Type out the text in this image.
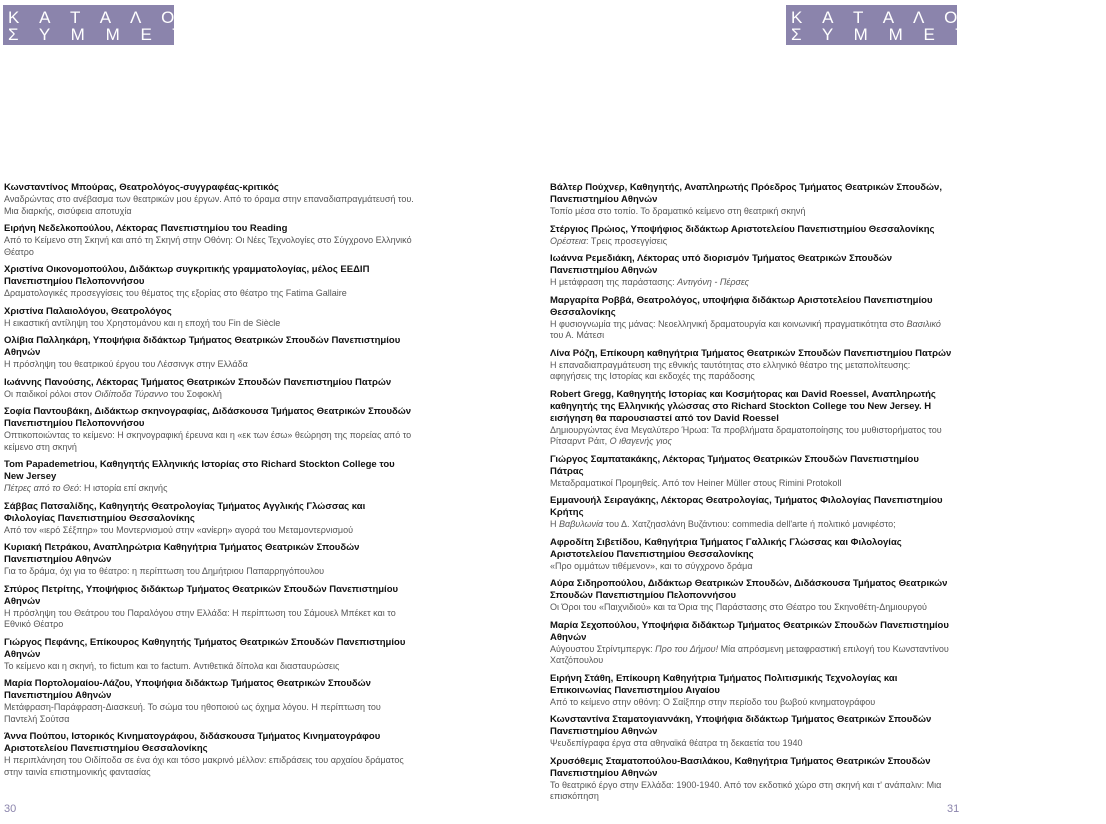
Κ Α Τ Α Λ Ο Γ Ο Σ
Σ Υ Μ Μ Ε Τ Ο Χ Ω Ν
Κωνσταντίνος Μπούρας, Θεατρολόγος-συγγραφέας-κριτικός
Αναδρώντας στο ανέβασμα των θεατρικών μου έργων. Από το όραμα στην επαναδιαπραγμάτευσή του. Μια διαρκής, σισύφεια αποτυχία
Ειρήνη Νεδελκοπούλου, Λέκτορας Πανεπιστημίου του Reading
Από το Κείμενο στη Σκηνή και από τη Σκηνή στην Οθόνη: Οι Νέες Τεχνολογίες στο Σύγχρονο Ελληνικό Θέατρο
Χριστίνα Οικονομοπούλου, Διδάκτωρ συγκριτικής γραμματολογίας, μέλος ΕΕΔΙΠ Πανεπιστημίου Πελοποννήσου
Δραματολογικές προσεγγίσεις του θέματος της εξορίας στο θέατρο της Fatima Gallaire
Χριστίνα Παλαιολόγου, Θεατρολόγος
Η εικαστική αντίληψη του Χρηστομάνου και η εποχή του Fin de Siècle
Ολίβια Παλληκάρη, Υποψήφια διδάκτωρ Τμήματος Θεατρικών Σπουδών Πανεπιστημίου Αθηνών
Η πρόσληψη του θεατρικού έργου του Λέσσινγκ στην Ελλάδα
Ιωάννης Πανούσης, Λέκτορας Τμήματος Θεατρικών Σπουδών Πανεπιστημίου Πατρών
Οι παιδικοί ρόλοι στον Οιδίποδα Τύραννο του Σοφοκλή
Σοφία Παντουβάκη, Διδάκτωρ σκηνογραφίας, Διδάσκουσα Τμήματος Θεατρικών Σπουδών Πανεπιστημίου Πελοποννήσου
Οπτικοποιώντας το κείμενο: Η σκηνογραφική έρευνα και η «εκ των έσω» θεώρηση της πορείας από το κείμενο στη σκηνή
Tom Papademetriou, Καθηγητής Ελληνικής Ιστορίας στο Richard Stockton College του New Jersey
Πέτρες από το Θεό: Η ιστορία επί σκηνής
Σάββας Πατσαλίδης, Καθηγητής Θεατρολογίας Τμήματος Αγγλικής Γλώσσας και Φιλολογίας Πανεπιστημίου Θεσσαλονίκης
Από τον «ιερό Σέξπηρ» του Μοντερνισμού στην «ανίερη» αγορά του Μεταμοντερνισμού
Κυριακή Πετράκου, Αναπληρώτρια Καθηγήτρια Τμήματος Θεατρικών Σπουδών Πανεπιστημίου Αθηνών
Για το δράμα, όχι για το θέατρο: η περίπτωση του Δημήτριου Παπαρρηγόπουλου
Σπύρος Πετρίτης, Υποψήφιος διδάκτωρ Τμήματος Θεατρικών Σπουδών Πανεπιστημίου Αθηνών
Η πρόσληψη του Θεάτρου του Παραλόγου στην Ελλάδα: Η περίπτωση του Σάμουελ Μπέκετ και το Εθνικό Θέατρο
Γιώργος Πεφάνης, Επίκουρος Καθηγητής Τμήματος Θεατρικών Σπουδών Πανεπιστημίου Αθηνών
Το κείμενο και η σκηνή, το fictum και το factum. Αντιθετικά δίπολα και διασταυρώσεις
Μαρία Πορτολομαίου-Λάζου, Υποψήφια διδάκτωρ Τμήματος Θεατρικών Σπουδών Πανεπιστημίου Αθηνών
Μετάφραση-Παράφραση-Διασκευή. Το σώμα του ηθοποιού ως όχημα λόγου. Η περίπτωση του Παντελή Σούτσα
Άννα Πούπου, Ιστορικός Κινηματογράφου, διδάσκουσα Τμήματος Κινηματογράφου Αριστοτελείου Πανεπιστημίου Θεσσαλονίκης
Η περιπλάνηση του Οιδίποδα σε ένα όχι και τόσο μακρινό μέλλον: επιδράσεις του αρχαίου δράματος στην ταινία επιστημονικής φαντασίας
30
Κ Α Τ Α Λ Ο Γ Ο Σ
Σ Υ Μ Μ Ε Τ Ο Χ Ω Ν
Βάλτερ Πούχνερ, Καθηγητής, Αναπληρωτής Πρόεδρος Τμήματος Θεατρικών Σπουδών, Πανεπιστημίου Αθηνών
Τοπίο μέσα στο τοπίο. Το δραματικό κείμενο στη θεατρική σκηνή
Στέργιος Πρώιος, Υποψήφιος διδάκτωρ Αριστοτελείου Πανεπιστημίου Θεσσαλονίκης
Ορέστεια: Τρεις προσεγγίσεις
Ιωάννα Ρεμεδιάκη, Λέκτορας υπό διορισμόν Τμήματος Θεατρικών Σπουδών Πανεπιστημίου Αθηνών
Η μετάφραση της παράστασης: Αντιγόνη - Πέρσες
Μαργαρίτα Ροββά, Θεατρολόγος, υποψήφια διδάκτωρ Αριστοτελείου Πανεπιστημίου Θεσσαλονίκης
Η φυσιογνωμία της μάνας: Νεοελληνική δραματουργία και κοινωνική πραγματικότητα στο Βασιλικό του Α. Μάτεσι
Λίνα Ρόζη, Επίκουρη καθηγήτρια Τμήματος Θεατρικών Σπουδών Πανεπιστημίου Πατρών
Η επαναδιαπραγμάτευση της εθνικής ταυτότητας στο ελληνικό θέατρο της μεταπολίτευσης: αφηγήσεις της Ιστορίας και εκδοχές της παράδοσης
Robert Gregg, Καθηγητής Ιστορίας και Κοσμήτορας και David Roessel, Αναπληρωτής καθηγητής της Ελληνικής γλώσσας στο Richard Stockton College του New Jersey. Η εισήγηση θα παρουσιαστεί από τον David Roessel
Δημιουργώντας ένα Μεγαλύτερο Ήρωα: Τα προβλήματα δραματοποίησης του μυθιστορήματος του Ρίτσαρντ Ράιτ, Ο ιθαγενής γιος
Γιώργος Σαμπατακάκης, Λέκτορας Τμήματος Θεατρικών Σπουδών Πανεπιστημίου Πάτρας
Μεταδραματικοί Προμηθείς. Από τον Heiner Müller στους Rimini Protokoll
Εμμανουήλ Σειραγάκης, Λέκτορας Θεατρολογίας, Τμήματος Φιλολογίας Πανεπιστημίου Κρήτης
Η Βαβυλωνία του Δ. Χατζηασλάνη Βυζάντιου: commedia dell'arte ή πολιτικό μανιφέστο;
Αφροδίτη Σιβετίδου, Καθηγήτρια Τμήματος Γαλλικής Γλώσσας και Φιλολογίας Αριστοτελείου Πανεπιστημίου Θεσσαλονίκης
«Προ ομμάτων τιθέμενον», και το σύγχρονο δράμα
Αύρα Σιδηροπούλου, Διδάκτωρ Θεατρικών Σπουδών, Διδάσκουσα Τμήματος Θεατρικών Σπουδών Πανεπιστημίου Πελοποννήσου
Οι Όροι του «Παιχνιδιού» και τα Όρια της Παράστασης στο Θέατρο του Σκηνοθέτη-Δημιουργού
Μαρία Σεχοπούλου, Υποψήφια διδάκτωρ Τμήματος Θεατρικών Σπουδών Πανεπιστημίου Αθηνών
Αύγουστου Στρίντμπεργκ: Προ του Δήμου! Μία απρόσμενη μεταφραστική επιλογή του Κωνσταντίνου Χατζόπουλου
Ειρήνη Στάθη, Επίκουρη Καθηγήτρια Τμήματος Πολιτισμικής Τεχνολογίας και Επικοινωνίας Πανεπιστημίου Αιγαίου
Από το κείμενο στην οθόνη: Ο Σαίξπηρ στην περίοδο του βωβού κινηματογράφου
Κωνσταντίνα Σταματογιαννάκη, Υποψήφια διδάκτωρ Τμήματος Θεατρικών Σπουδών Πανεπιστημίου Αθηνών
Ψευδεπίγραφα έργα στα αθηναϊκά θέατρα τη δεκαετία του 1940
Χρυσόθεμις Σταματοπούλου-Βασιλάκου, Καθηγήτρια Τμήματος Θεατρικών Σπουδών Πανεπιστημίου Αθηνών
Το θεατρικό έργο στην Ελλάδα: 1900-1940. Από τον εκδοτικό χώρο στη σκηνή και τ' ανάπαλιν: Μια επισκόπηση
31
